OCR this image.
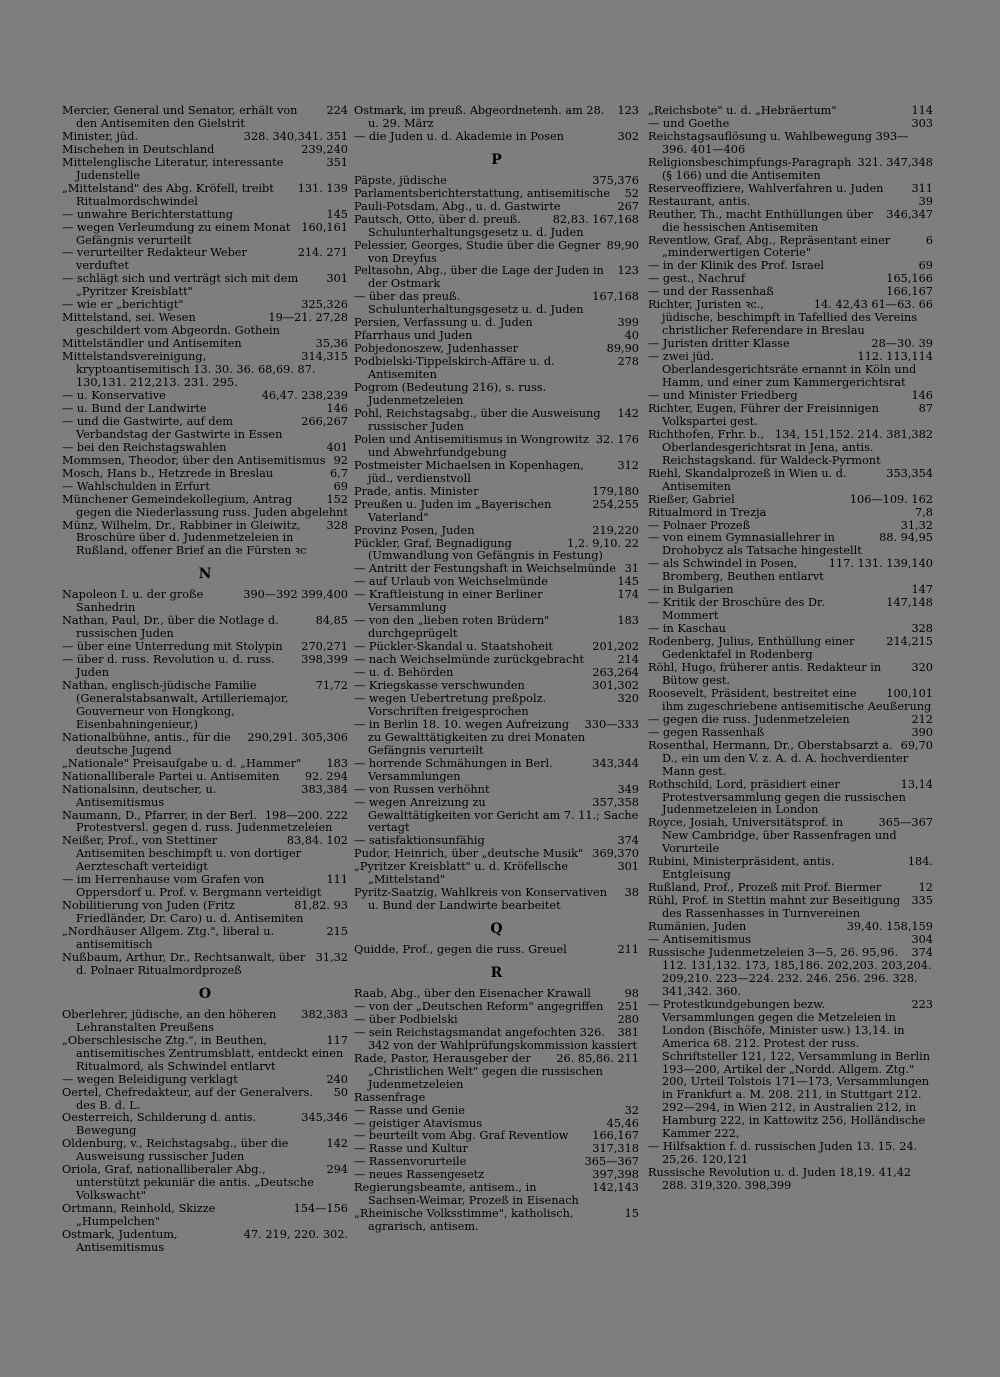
224
Mercier, General und Senator, erhält von den Antisemiten den Gielstrit
328. 340,341. 351
Minister, jüd.
239,240
Mischehen in Deutschland
351
Mittelenglische Literatur, interessante Judenstelle
131. 139
„Mittelstand" des Abg. Kröfell, treibt Ritualmordschwindel
145
— unwahre Berichterstattung
160,161
— wegen Verleumdung zu einem Monat Gefängnis verurteilt
214. 271
— verurteilter Redakteur Weber verduftet
301
— schlägt sich und verträgt sich mit dem „Pyritzer Kreisblatt"
325,326
— wie er „berichtigt"
19—21. 27,28
Mittelstand, sei. Wesen geschildert vom Abgeordn. Gothein
35,36
Mittelständler und Antisemiten
314,315
Mittelstandsvereinigung, kryptoantisemitisch 13. 30. 36. 68,69. 87. 130,131. 212,213. 231. 295.
46,47. 238,239
— u. Konservative
146
— u. Bund der Landwirte
266,267
— und die Gastwirte, auf dem Verbandstag der Gastwirte in Essen
401
— bei den Reichstagswahlen
92
Mommsen, Theodor, über den Antisemitismus
6,7
Mosch, Hans b., Hetzrede in Breslau
69
— Wahlschulden in Erfurt
152
Münchener Gemeindekollegium, Antrag gegen die Niederlassung russ. Juden abgelehnt
328
Münz, Wilhelm, Dr., Rabbiner in Gleiwitz, Broschüre über d. Judenmetzeleien in Rußland, offener Brief an die Fürsten ꝛc
N
390—392 399,400
Napoleon I. u. der große Sanhedrin
84,85
Nathan, Paul, Dr., über die Notlage d. russischen Juden
270,271
— über eine Unterredung mit Stolypin
398,399
— über d. russ. Revolution u. d. russ. Juden
71,72
Nathan, englisch-jüdische Familie (Generalstabsanwalt, Artilleriemajor, Gouverneur von Hongkong, Eisenbahningenieur,)
290,291. 305,306
Nationalbühne, antis., für die deutsche Jugend
183
„Nationale" Preisaufgabe u. d. „Hammer"
92. 294
Nationalliberale Partei u. Antisemiten
383,384
Nationalsinn, deutscher, u. Antisemitismus
198—200. 222
Naumann, D., Pfarrer, in der Berl. Protestversl. gegen d. russ. Judenmetzeleien
83,84. 102
Neißer, Prof., von Stettiner Antisemiten beschimpft u. von dortiger Aerzteschaft verteidigt
111
— im Herrenhause vom Grafen von Oppersdorf u. Prof. v. Bergmann verteidigt
81,82. 93
Nobilitierung von Juden (Fritz Friedländer, Dr. Caro) u. d. Antisemiten
215
„Nordhäuser Allgem. Ztg.", liberal u. antisemitisch
31,32
Nußbaum, Arthur, Dr., Rechtsanwalt, über d. Polnaer Ritualmordprozeß
O
382,383
Oberlehrer, jüdische, an den höheren Lehranstalten Preußens
117
„Oberschlesische Ztg.", in Beuthen, antisemitisches Zentrumsblatt, entdeckt einen Ritualmord, als Schwindel entlarvt
240
— wegen Beleidigung verklagt
50
Oertel, Chefredakteur, auf der Generalvers. des B. d. L.
345,346
Oesterreich, Schilderung d. antis. Bewegung
142
Oldenburg, v., Reichstagsabg., über die Ausweisung russischer Juden
294
Oriola, Graf, nationalliberaler Abg., unterstützt pekuniär die antis. „Deutsche Volkswacht"
154—156
Ortmann, Reinhold, Skizze „Humpelchen"
47. 219, 220. 302.
Ostmark, Judentum, Antisemitismus
123
Ostmark, im preuß. Abgeordnetenh. am 28. u. 29. März
302
— die Juden u. d. Akademie in Posen
P
375,376
Päpste, jüdische
52
Parlamentsberichterstattung, antisemitische
267
Pauli-Potsdam, Abg., u. d. Gastwirte
82,83. 167,168
Pautsch, Otto, über d. preuß. Schulunterhaltungsgesetz u. d. Juden
89,90
Pelessier, Georges, Studie über die Gegner von Dreyfus
123
Peltasohn, Abg., über die Lage der Juden in der Ostmark
167,168
— über das preuß. Schulunterhaltungsgesetz u. d. Juden
399
Persien, Verfassung u. d. Juden
40
Pfarrhaus und Juden
89,90
Pobjedonoszew, Judenhasser
278
Podbielski-Tippelskirch-Affäre u. d. Antisemiten
Pogrom (Bedeutung 216), s. russ. Judenmetzeleien
142
Pohl, Reichstagsabg., über die Ausweisung russischer Juden
32. 176
Polen und Antisemitismus in Wongrowitz und Abwehrfundgebung
312
Postmeister Michaelsen in Kopenhagen, jüd., verdienstvoll
179,180
Prade, antis. Minister
254,255
Preußen u. Juden im „Bayerischen Vaterland"
219,220
Provinz Posen, Juden
1,2. 9,10. 22
Pückler, Graf, Begnadigung (Umwandlung von Gefängnis in Festung)
31
— Antritt der Festungshaft in Weichselmünde
145
— auf Urlaub von Weichselmünde
174
— Kraftleistung in einer Berliner Versammlung
183
— von den „lieben roten Brüdern" durchgeprügelt
201,202
— Pückler-Skandal u. Staatshoheit
214
— nach Weichselmünde zurückgebracht
263,264
— u. d. Behörden
301,302
— Kriegskasse verschwunden
320
— wegen Uebertretung preßpolz. Vorschriften freigesprochen
330—333
— in Berlin 18. 10. wegen Aufreizung zu Gewalttätigkeiten zu drei Monaten Gefängnis verurteilt
343,344
— horrende Schmähungen in Berl. Versammlungen
349
— von Russen verhöhnt
357,358
— wegen Anreizung zu Gewalttätigkeiten vor Gericht am 7. 11.; Sache vertagt
374
— satisfaktionsunfähig
369,370
Pudor, Heinrich, über „deutsche Musik"
301
„Pyritzer Kreisblatt" u. d. Kröfellsche „Mittelstand"
38
Pyritz-Saatzig, Wahlkreis von Konservativen u. Bund der Landwirte bearbeitet
Q
211
Quidde, Prof., gegen die russ. Greuel
R
98
Raab, Abg., über den Eisenacher Krawall
251
— von der „Deutschen Reform" angegriffen
280
— über Podbielski
381
— sein Reichstagsmandat angefochten 326. 342 von der Wahlprüfungskommission kassiert
26. 85,86. 211
Rade, Pastor, Herausgeber der „Christlichen Welt" gegen die russischen Judenmetzeleien
Rassenfrage
32
— Rasse und Genie
45,46
— geistiger Atavismus
166,167
— beurteilt vom Abg. Graf Reventlow
317,318
— Rasse und Kultur
365—367
— Rassenvorurteile
397,398
— neues Rassengesetz
142,143
Regierungsbeamte, antisem., in Sachsen-Weimar, Prozeß in Eisenach
15
„Rheinische Volksstimme", katholisch, agrarisch, antisem.
114
„Reichsbote" u. d. „Hebräertum"
303
— und Goethe
Reichstagsauflösung u. Wahlbewegung 393—396. 401—406
321. 347,348
Religionsbeschimpfungs-Paragraph (§ 166) und die Antisemiten
311
Reserveoffiziere, Wahlverfahren u. Juden
39
Restaurant, antis.
346,347
Reuther, Th., macht Enthüllungen über die hessischen Antisemiten
6
Reventlow, Graf, Abg., Repräsentant einer „minderwertigen Coterie"
69
— in der Klinik des Prof. Israel
165,166
— gest., Nachruf
166,167
— und der Rassenhaß
14. 42,43 61—63. 66
Richter, Juristen ꝛc., jüdische, beschimpft in Tafellied des Vereins christlicher Referendare in Breslau
28—30. 39
— Juristen dritter Klasse
112. 113,114
— zwei jüd. Oberlandesgerichtsräte ernannt in Köln und Hamm, und einer zum Kammergerichtsrat
146
— und Minister Friedberg
87
Richter, Eugen, Führer der Freisinnigen Volkspartei gest.
134, 151,152. 214. 381,382
Richthofen, Frhr. b., Oberlandesgerichtsrat in Jena, antis. Reichstagskand. für Waldeck-Pyrmont
353,354
Riehl, Skandalprozeß in Wien u. d. Antisemiten
106—109. 162
Rießer, Gabriel
7,8
Ritualmord in Trezja
31,32
— Polnaer Prozeß
88. 94,95
— von einem Gymnasiallehrer in Drohobycz als Tatsache hingestellt
117. 131. 139,140
— als Schwindel in Posen, Bromberg, Beuthen entlarvt
147
— in Bulgarien
147,148
— Kritik der Broschüre des Dr. Mommert
328
— in Kaschau
214,215
Rodenberg, Julius, Enthüllung einer Gedenktafel in Rodenberg
320
Röhl, Hugo, früherer antis. Redakteur in Bütow gest.
100,101
Roosevelt, Präsident, bestreitet eine ihm zugeschriebene antisemitische Aeußerung
212
— gegen die russ. Judenmetzeleien
390
— gegen Rassenhaß
69,70
Rosenthal, Hermann, Dr., Oberstabsarzt a. D., ein um den V. z. A. d. A. hochverdienter Mann gest.
13,14
Rothschild, Lord, präsidiert einer Protestversammlung gegen die russischen Judenmetzeleien in London
365—367
Royce, Josiah, Universitätsprof. in New Cambridge, über Rassenfragen und Vorurteile
184.
Rubini, Ministerpräsident, antis. Entgleisung
12
Rußland, Prof., Prozeß mit Prof. Biermer
335
Rühl, Prof. in Stettin mahnt zur Beseitigung des Rassenhasses in Turnvereinen
39,40. 158,159
Rumänien, Juden
304
— Antisemitismus
374
Russische Judenmetzeleien 3—5, 26. 95,96. 112. 131,132. 173, 185,186. 202,203. 203,204. 209,210. 223—224. 232. 246. 256. 296. 328. 341,342. 360.
223
— Protestkundgebungen bezw. Versammlungen gegen die Metzeleien in London (Bischöfe, Minister usw.) 13,14. in America 68. 212. Protest der russ. Schriftsteller 121, 122, Versammlung in Berlin 193—200, Artikel der „Nordd. Allgem. Ztg." 200, Urteil Tolstois 171—173, Versammlungen in Frankfurt a. M. 208. 211, in Stuttgart 212. 292—294, in Wien 212, in Australien 212, in Hamburg 222, in Kattowitz 256, Holländische Kammer 222,
— Hilfsaktion f. d. russischen Juden 13. 15. 24. 25,26. 120,121
Russische Revolution u. d. Juden 18,19. 41,42 288. 319,320. 398,399
